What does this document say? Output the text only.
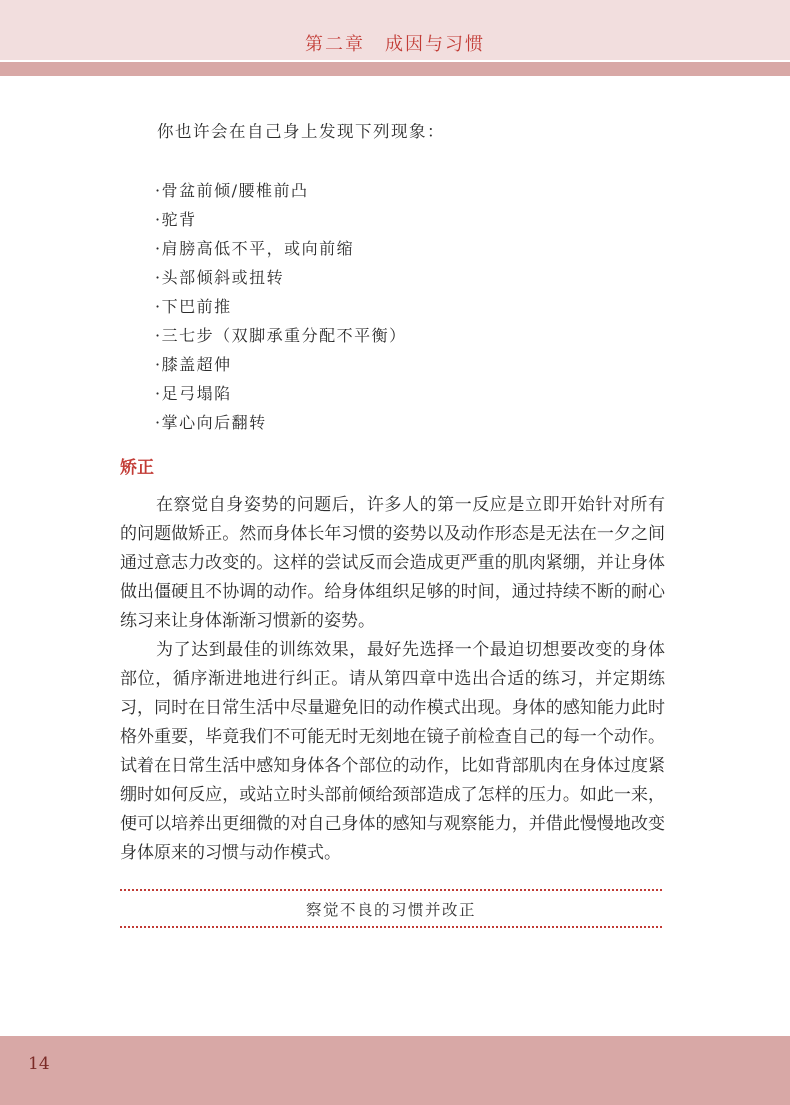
第二章　成因与习惯

你也许会在自己身上发现下列现象：

·骨盆前倾/腰椎前凸
·驼背
·肩膀高低不平，或向前缩
·头部倾斜或扭转
·下巴前推
·三七步（双脚承重分配不平衡）
·膝盖超伸
·足弓塌陷
·掌心向后翻转
矫正

在察觉自身姿势的问题后，许多人的第一反应是立即开始针对所有的问题做矫正。然而身体长年习惯的姿势以及动作形态是无法在一夕之间通过意志力改变的。这样的尝试反而会造成更严重的肌肉紧绷，并让身体做出僵硬且不协调的动作。给身体组织足够的时间，通过持续不断的耐心练习来让身体渐渐习惯新的姿势。

为了达到最佳的训练效果，最好先选择一个最迫切想要改变的身体部位，循序渐进地进行纠正。请从第四章中选出合适的练习，并定期练习，同时在日常生活中尽量避免旧的动作模式出现。身体的感知能力此时格外重要，毕竟我们不可能无时无刻地在镜子前检查自己的每一个动作。试着在日常生活中感知身体各个部位的动作，比如背部肌肉在身体过度紧绷时如何反应，或站立时头部前倾给颈部造成了怎样的压力。如此一来，便可以培养出更细微的对自己身体的感知与观察能力，并借此慢慢地改变身体原来的习惯与动作模式。

察觉不良的习惯并改正
14
